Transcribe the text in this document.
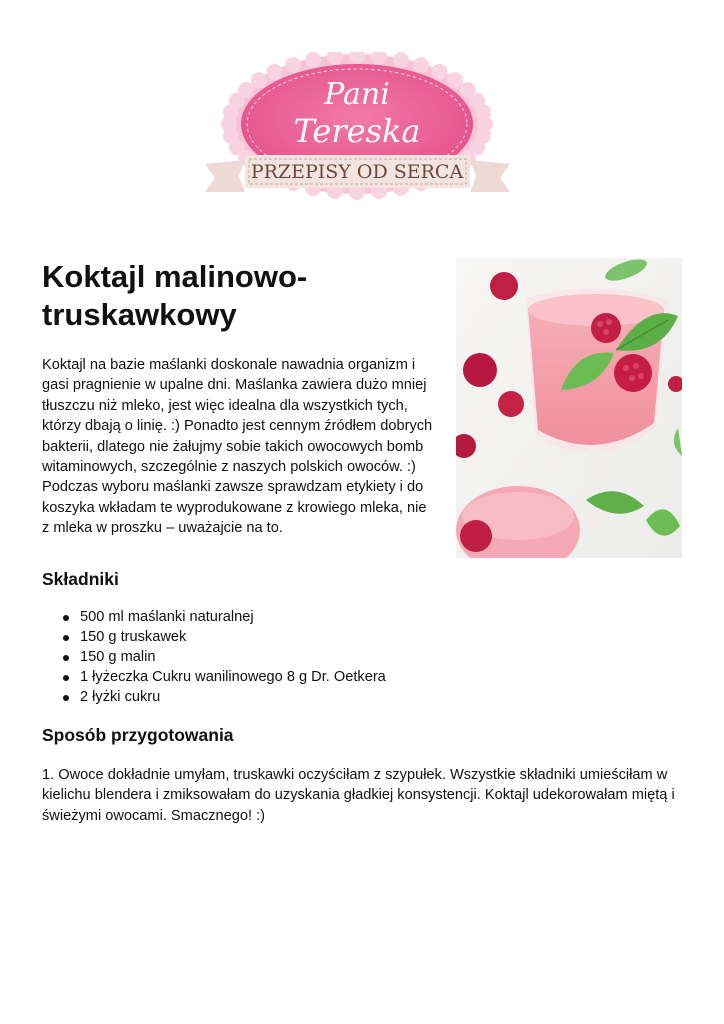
Pani
Tereska
PRZEPISY OD SERCA
Koktajl malinowo-truskawkowy

Koktajl na bazie maślanki doskonale nawadnia organizm i gasi pragnienie w upalne dni. Maślanka zawiera dużo mniej tłuszczu niż mleko, jest więc idealna dla wszystkich tych, którzy dbają o linię. :) Ponadto jest cennym źródłem dobrych bakterii, dlatego nie żałujmy sobie takich owocowych bomb witaminowych, szczególnie z naszych polskich owoców. :) Podczas wyboru maślanki zawsze sprawdzam etykiety i do koszyka wkładam te wyprodukowane z krowiego mleka, nie z mleka w proszku – uważajcie na to.

Składniki
500 ml maślanki naturalnej
150 g truskawek
150 g malin
1 łyżeczka Cukru wanilinowego 8 g Dr. Oetkera
2 łyżki cukru
Sposób przygotowania

1. Owoce dokładnie umyłam, truskawki oczyściłam z szypułek. Wszystkie składniki umieściłam w kielichu blendera i zmiksowałam do uzyskania gładkiej konsystencji. Koktajl udekorowałam miętą i świeżymi owocami. Smacznego! :)
